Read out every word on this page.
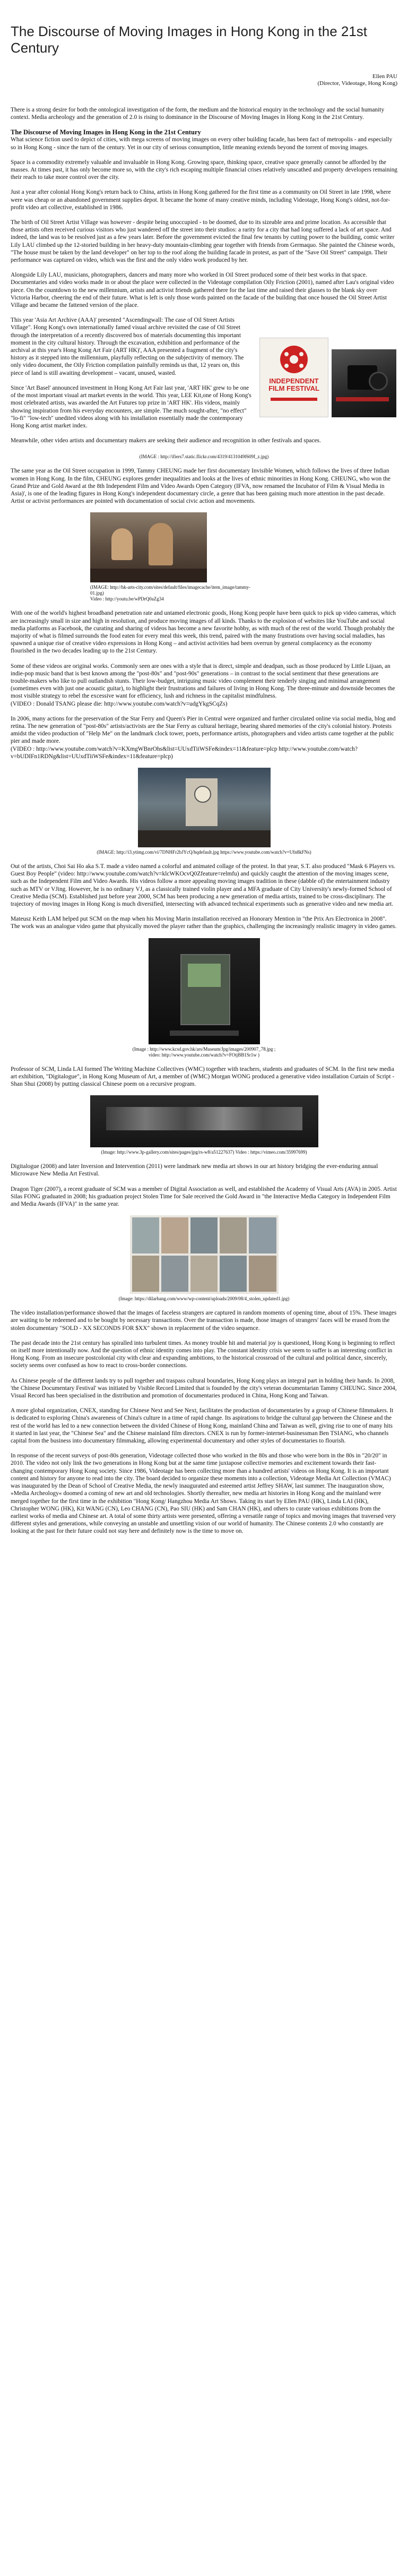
The Discourse of Moving Images in Hong Kong in the 21st Century
Ellen PAU
(Director, Videotage, Hong Kong)

There is a strong desire for both the ontological investigation of the form, the medium and the historical enquiry in the technology and the social humanity context. Media archeology and the generation of 2.0 is rising to dominance in the Discourse of Moving Images in Hong Kong in the 21st Century.

The Discourse of Moving Images in Hong Kong in the 21st Century

What science fiction used to depict of cities, with mega screens of moving images on every other building facade, has been fact of metropolis - and especially so in Hong Kong - since the turn of the century. Yet in our city of serious consumption, little meaning extends beyond the torrent of moving images.

Space is a commodity extremely valuable and invaluable in Hong Kong. Growing space, thinking space, creative space generally cannot be afforded by the masses. At times past, it has only become more so, with the city's rich escaping multiple financial crises relatively unscathed and property developers remaining their reach to take more control over the city.

Just a year after colonial Hong Kong's return back to China, artists in Hong Kong gathered for the first time as a community on Oil Street in late 1998, where were was cheap or an abandoned government supplies depot. It became the home of many creative minds, including Videotage, Hong Kong's oldest, not-for-profit video art collective, established in 1986.

The birth of Oil Street Artist Village was however - despite being unoccupied - to be doomed, due to its sizeable area and prime location. As accessible that those artists often received curious visitors who just wandered off the street into their studios: a rarity for a city that had long suffered a lack of art space. And indeed, the land was to be resolved just as a few years later. Before the government evicted the final few tenants by cutting power to the building, comic writer Lily LAU climbed up the 12-storied building in her heavy-duty mountain-climbing gear together with friends from Germaquo. She painted the Chinese words, "The house must be taken by the land developer" on her top to the roof along the building facade in protest, as part of the "Save Oil Street" campaign. Their performance was captured on video, which was the first and the only video work produced by her.

Alongside Lily LAU, musicians, photographers, dancers and many more who worked in Oil Street produced some of their best works in that space. Documentaries and video works made in or about the place were collected in the Videotage compilation Oily Friction (2001), named after Lau's original video piece. On the countdown to the new millennium, artists and activist friends gathered there for the last time and raised their glasses to the blank sky over Victoria Harbor, cheering the end of their future. What is left is only those words painted on the facade of the building that once housed the Oil Street Artist Village and became the fattened version of the place.

INDEPENDENT FILM FESTIVAL

This year 'Asia Art Archive (AAA)' presented "Ascendingwall: The case of Oil Street Artists Village". Hong Kong's own internationally famed visual archive revisited the case of Oil Street through the interpretation of a recently discovered box of materials documenting this important moment in the city cultural history. Through the excavation, exhibition and performance of the archival at this year's Hong Kong Art Fair (ART HK)', AAA presented a fragment of the city's history as it stepped into the millennium, playfully reflecting on the subjectivity of memory. The only video document, the Oily Friction compilation painfully reminds us that, 12 years on, this piece of land is still awaiting development – vacant, unused, wasted.

Since 'Art Basel' announced investment in Hong Kong Art Fair last year, 'ART HK' grew to be one of the most important visual art market events in the world. This year, LEE Kit,one of Hong Kong's most celebrated artists, was awarded the Art Futures top prize in 'ART HK'. His videos, mainly showing inspiration from his everyday encounters, are simple. The much sought-after, "no effect" "lo-fi" "low-tech" unedited videos along with his installation essentially made the contemporary Hong Kong artist market index.

Meanwhile, other video artists and documentary makers are seeking their audience and recognition in other festivals and spaces.

(IMAGE : http://ifiers7.static.flickr.com/4319/4131049f609f_z.jpg)

The same year as the Oil Street occupation in 1999, Tammy CHEUNG made her first documentary Invisible Women, which follows the lives of three Indian women in Hong Kong. In the film, CHEUNG explores gender inequalities and looks at the lives of ethnic minorities in Hong Kong. CHEUNG, who won the Grand Prize and Gold Award at the 8th Independent Film and Video Awards Open Category (IFVA, now renamed the Incubator of Film & Visual Media in Asia)', is one of the leading figures in Hong Kong's independent documentary circle, a genre that has been gaining much more attention in the past decade. Artist or activist performances are pointed with documentation of social civic action and movements.

(IMAGE: http://hk-arts-city.com/sites/default/files/imagecache/item_image/tammy-01.jpg)
Video : http://youtu.be/wPDrQ0aZg34

With one of the world's highest broadband penetration rate and untamed electronic goods, Hong Kong people have been quick to pick up video cameras, which are increasingly small in size and high in resolution, and produce moving images of all kinds. Thanks to the explosion of websites like YouTube and social media platforms as Facebook, the curating and sharing of videos has become a new favorite hobby, as with much of the rest of the world. Though probably the majority of what is filmed surrounds the food eaten for every meal this week, this trend, paired with the many frustrations over having social maladies, has spawned a unique rise of creative video expressions in Hong Kong – and activist activities had been overrun by general complacency as the economy flourished in the two decades leading up to the 21st Century.

Some of these videos are original works. Commonly seen are ones with a style that is direct, simple and deadpan, such as those produced by Little Lijuan, an indie-pop music band that is best known among the "post-80s" and "post-90s" generations – in contrast to the social sentiment that these generations are trouble-makers who like to pull outlandish stunts. Their low-budget, intriguing music video complement their tenderly singing and minimal arrangement (sometimes even with just one acoustic guitar), to highlight their frustrations and failures of living in Hong Kong. The three-minute and downside becomes the most visible strategy to rebel the excessive want for efficiency, lush and richness in the capitalist mindfulness.
(VIDEO : Donald TSANG please die: http://www.youtube.com/watch?v=udgYkgSCqZs)

In 2006, many actions for the preservation of the Star Ferry and Queen's Pier in Central were organized and further circulated online via social media, blog and retina. The new generation of "post-80s" artists/activists are the Star Ferry as cultural heritage, bearing shared memories of the city's colonial history. Protests amidst the video production of "Help Me" on the landmark clock tower, poets, performance artists, photographers and video artists came together at the public pier and made more.
(VIDEO : http://www.youtube.com/watch?v=KXmgWBnrOhs&list=UUxdTiiWSFe&index=11&feature=plcp http://www.youtube.com/watch?v=bUDIFn1RDNg&list=UUxdTiiWSFe&index=11&feature=plcp)

(IMAGE: http://i3.ytimg.com/vi/7DNHFr2bJYcQ/hqdefault.jpg https://www.youtube.com/watch?v=Ufn8kFNs)

Out of the artists, Choi Sai Ho aka S.T. made a video named a colorful and animated collage of the protest. In that year, S.T. also produced "Mask 6 Players vs. Guest Boy People" (video: http://www.youtube.com/watch?v=klcWKOcvQ0Zfeature=relmfu) and quickly caught the attention of the moving images scene, such as the Independent Film and Video Awards. His videos follow a more appealing moving images tradition in these (dabble of) the entertainment industry such as MTV or VJing. However, he is no ordinary VJ, as a classically trained violin player and a MFA graduate of City University's newly-formed School of Creative Media (SCM). Established just before year 2000, SCM has been producing a new generation of media artists, trained to be cross-disciplinary. The trajectory of moving images in Hong Kong is much diversified, intersecting with advanced technical experiments such as generative video and new media art.

Mateusz Keith LAM helped put SCM on the map when his Moving Marin installation received an Honorary Mention in "the Prix Ars Electronica in 2008". The work was an analogue video game that physically moved the player rather than the graphics, challenging the increasingly realistic imagery in video games.

(Image : http://www.kcsd.gov.hk/ars/Museum/Jpg/images/200907_78.jpg ;
video: http://www.youtube.com/watch?v=FOtjBB1Sr1w )

Professor of SCM, Linda LAI formed The Writing Machine Collectives (WMC) together with teachers, students and graduates of SCM. In the first new media art exhibition, "Digitalogue", in Hong Kong Museum of Art, a member of (WMC) Morgan WONG produced a generative video installation Curtain of Script - Shan Shui (2008) by putting classical Chinese poem on a recursive program.

(Image: http://www.3p-gallery.com/sites/pages/jpg/rs-w8/a51227637) Video : https://vimeo.com/35997699)

Digitalogue (2008) and later Inversion and Intervention (2011) were landmark new media art shows in our art history bridging the ever-enduring annual Microwave New Media Art Festival.

Dragon Tiger (2007), a recent graduate of SCM was a member of Digital Association as well, and established the Academy of Visual Arts (AVA) in 2005. Artist Silas FONG graduated in 2008; his graduation project Stolen Time for Sale received the Gold Award in "the Interactive Media Category in Independent Film and Media Awards (IFVA)" in the same year.

(Image: https://dilarbang.com/www/wp-content/uploads/2009/08/4_stolen_updated1.jpg)

The video installation/performance showed that the images of faceless strangers are captured in random moments of opening time, about of 15%. These images are waiting to be redeemed and to be bought by necessary transactions. Over the transaction is made, those images of strangers' faces will be erased from the stolen documentary "SOLD - XX SECONDS FOR $XX" shown in replacement of the video sequence.

The past decade into the 21st century has spiralled into turbulent times. As money trouble hit and material joy is questioned, Hong Kong is beginning to reflect on itself more intentionally now. And the question of ethnic identity comes into play. The constant identity crisis we seem to suffer is an interesting conflict in Hong Kong. From an insecure postcolonial city with clear and expanding ambitions, to the historical crossroad of the cultural and political dance, sincerely, society seems over confused as how to react to cross-border connections.

As Chinese people of the different lands try to pull together and traspass cultural boundaries, Hong Kong plays an integral part in holding their hands. In 2008, 'the Chinese Documentary Festival' was initiated by Visible Record Limited that is founded by the city's veteran documentarian Tammy CHEUNG. Since 2004, Visual Record has been specialised in the distribution and promotion of documentaries produced in China, Hong Kong and Taiwan.

A more global organization, CNEX, standing for Chinese Next and See Next, facilitates the production of documentaries by a group of Chinese filmmakers. It is dedicated to exploring China's awareness of China's culture in a time of rapid change. Its aspirations to bridge the cultural gap between the Chinese and the rest of the world has led to a new connection between the divided Chinese of Hong Kong, mainland China and Taiwan as well, giving rise to one of many hits it started in last year, the "Chinese Sea" and the Chinese mainland film directors. CNEX is run by former-internet-businessman Ben TSIANG, who channels capital from the business into documentary filmmaking, allowing experimental documentary and other styles of documentaries to flourish.

In response of the recent surveys of post-80s generation, Videotage collected those who worked in the 80s and those who were born in the 80s in "20/20" in 2010. The video not only link the two generations in Hong Kong but at the same time juxtapose collective memories and excitement towards their fast-changing contemporary Hong Kong society. Since 1986, Videotage has been collecting more than a hundred artists' videos on Hong Kong. It is an important content and history for anyone to read into the city. The board decided to organize these moments into a collection, Videotage Media Art Collection (VMAC) was inaugurated by the Dean of School of Creative Media, the newly inaugurated and esteemed artist Jeffrey SHAW, last summer. The inauguration show, »Media Archeology« doomed a coming of new art and old technologies. Shortly thereafter, new media art histories in Hong Kong and the mainland were merged together for the first time in the exhibition "Hong Kong/ Hangzhou Media Art Shows. Taking its start by Ellen PAU (HK), Linda LAI (HK), Christopher WONG (HK), Kit WANG (CN), Leo CHANG (CN), Pao SIU (HK) and Sam CHAN (HK), and others to curate various exhibitions from the earliest works of media and Chinese art. A total of some thirty artists were presented, offering a versatile range of topics and moving images that traversed very different styles and generations, while conveying an unstable and unsettling vision of our world of humanity. The Chinese contents 2.0 who constantly are looking at the past for their future could not stay here and definitely now is the time to move on.
